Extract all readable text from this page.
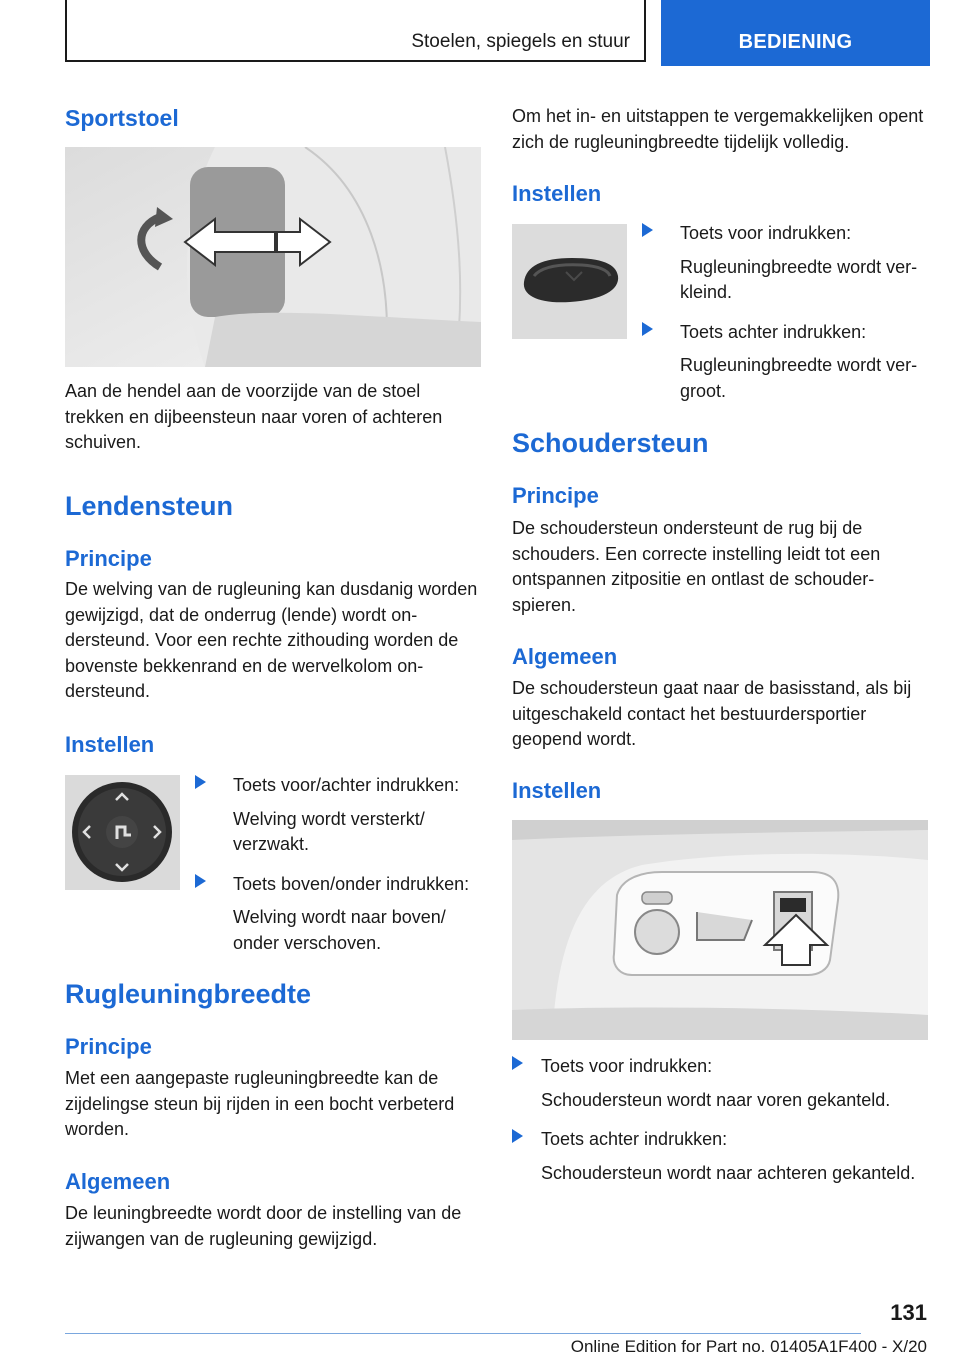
Stoelen, spiegels en stuur	BEDIENING
Sportstoel

Aan de hendel aan de voorzijde van de stoel trekken en dijbeensteun naar voren of achteren schuiven.

Lendensteun
Principe

De welving van de rugleuning kan dusdanig worden gewijzigd, dat de onderrug (lende) wordt ondersteund. Voor een rechte zithouding worden de bovenste bekkenrand en de wervelkolom ondersteund.

Instellen

Toets voor/achter indrukken:

Welving wordt versterkt/ verzwakt.

Toets boven/onder indrukken:

Welving wordt naar boven/ onder verschoven.

Rugleuningbreedte
Principe

Met een aangepaste rugleuningbreedte kan de zijdelingse steun bij rijden in een bocht verbeterd worden.

Algemeen

De leuningbreedte wordt door de instelling van de zijwangen van de rugleuning gewijzigd.

Om het in- en uitstappen te vergemakkelijken opent zich de rugleuningbreedte tijdelijk volledig.

Instellen

Toets voor indrukken:

Rugleuningbreedte wordt verkleind.

Toets achter indrukken:

Rugleuningbreedte wordt vergroot.

Schoudersteun
Principe

De schoudersteun ondersteunt de rug bij de schouders. Een correcte instelling leidt tot een ontspannen zitpositie en ontlast de schouderspieren.

Algemeen

De schoudersteun gaat naar de basisstand, als bij uitgeschakeld contact het bestuurdersportier geopend wordt.

Instellen

Toets voor indrukken:

Schoudersteun wordt naar voren gekanteld.

Toets achter indrukken:

Schoudersteun wordt naar achteren gekanteld.

131
Online Edition for Part no. 01405A1F400 - X/20
